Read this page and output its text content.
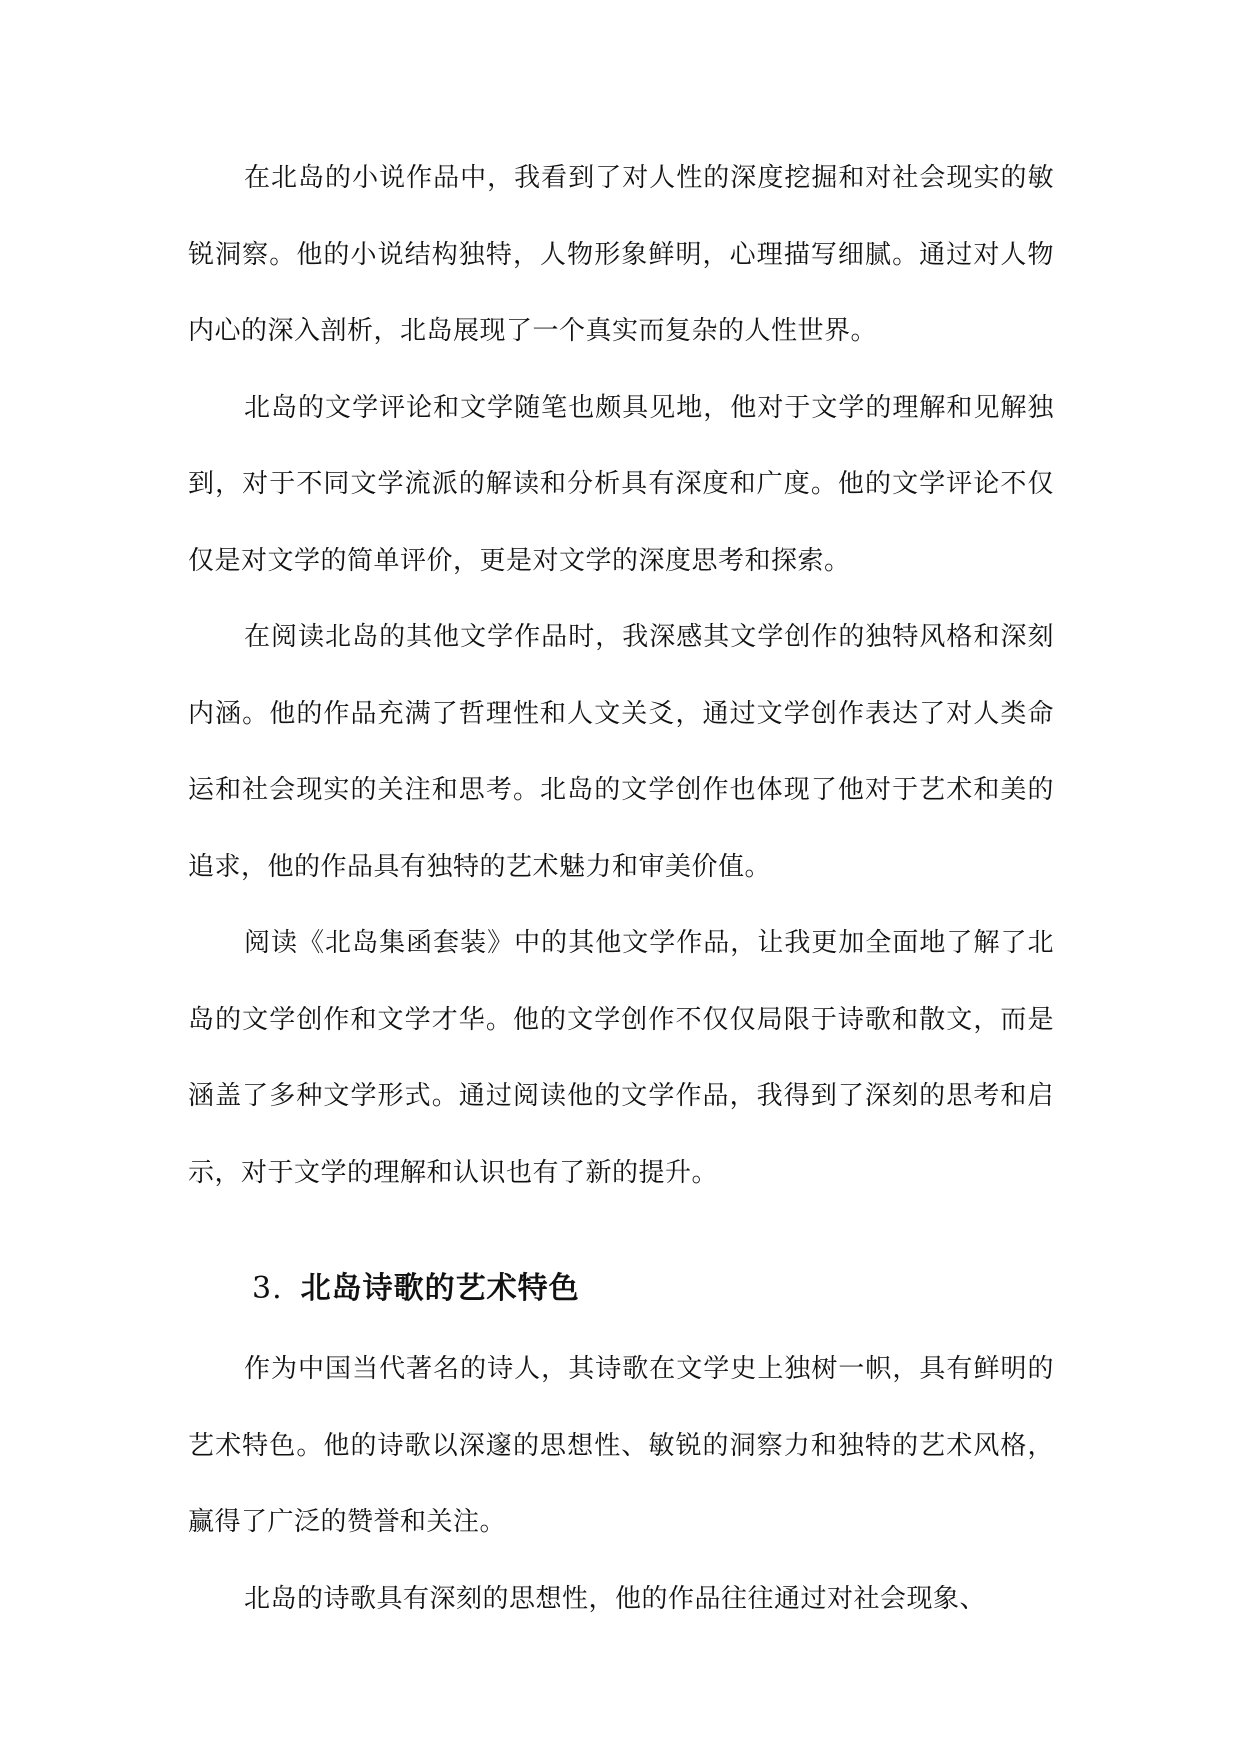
在北岛的小说作品中，我看到了对人性的深度挖掘和对社会现实的敏锐洞察。他的小说结构独特，人物形象鲜明，心理描写细腻。通过对人物内心的深入剖析，北岛展现了一个真实而复杂的人性世界。

北岛的文学评论和文学随笔也颇具见地，他对于文学的理解和见解独到，对于不同文学流派的解读和分析具有深度和广度。他的文学评论不仅仅是对文学的简单评价，更是对文学的深度思考和探索。

在阅读北岛的其他文学作品时，我深感其文学创作的独特风格和深刻内涵。他的作品充满了哲理性和人文关爻，通过文学创作表达了对人类命运和社会现实的关注和思考。北岛的文学创作也体现了他对于艺术和美的追求，他的作品具有独特的艺术魅力和审美价值。

阅读《北岛集函套装》中的其他文学作品，让我更加全面地了解了北岛的文学创作和文学才华。他的文学创作不仅仅局限于诗歌和散文，而是涵盖了多种文学形式。通过阅读他的文学作品，我得到了深刻的思考和启示，对于文学的理解和认识也有了新的提升。

3. 北岛诗歌的艺术特色

作为中国当代著名的诗人，其诗歌在文学史上独树一帜，具有鲜明的艺术特色。他的诗歌以深邃的思想性、敏锐的洞察力和独特的艺术风格，赢得了广泛的赞誉和关注。

北岛的诗歌具有深刻的思想性，他的作品往往通过对社会现象、
